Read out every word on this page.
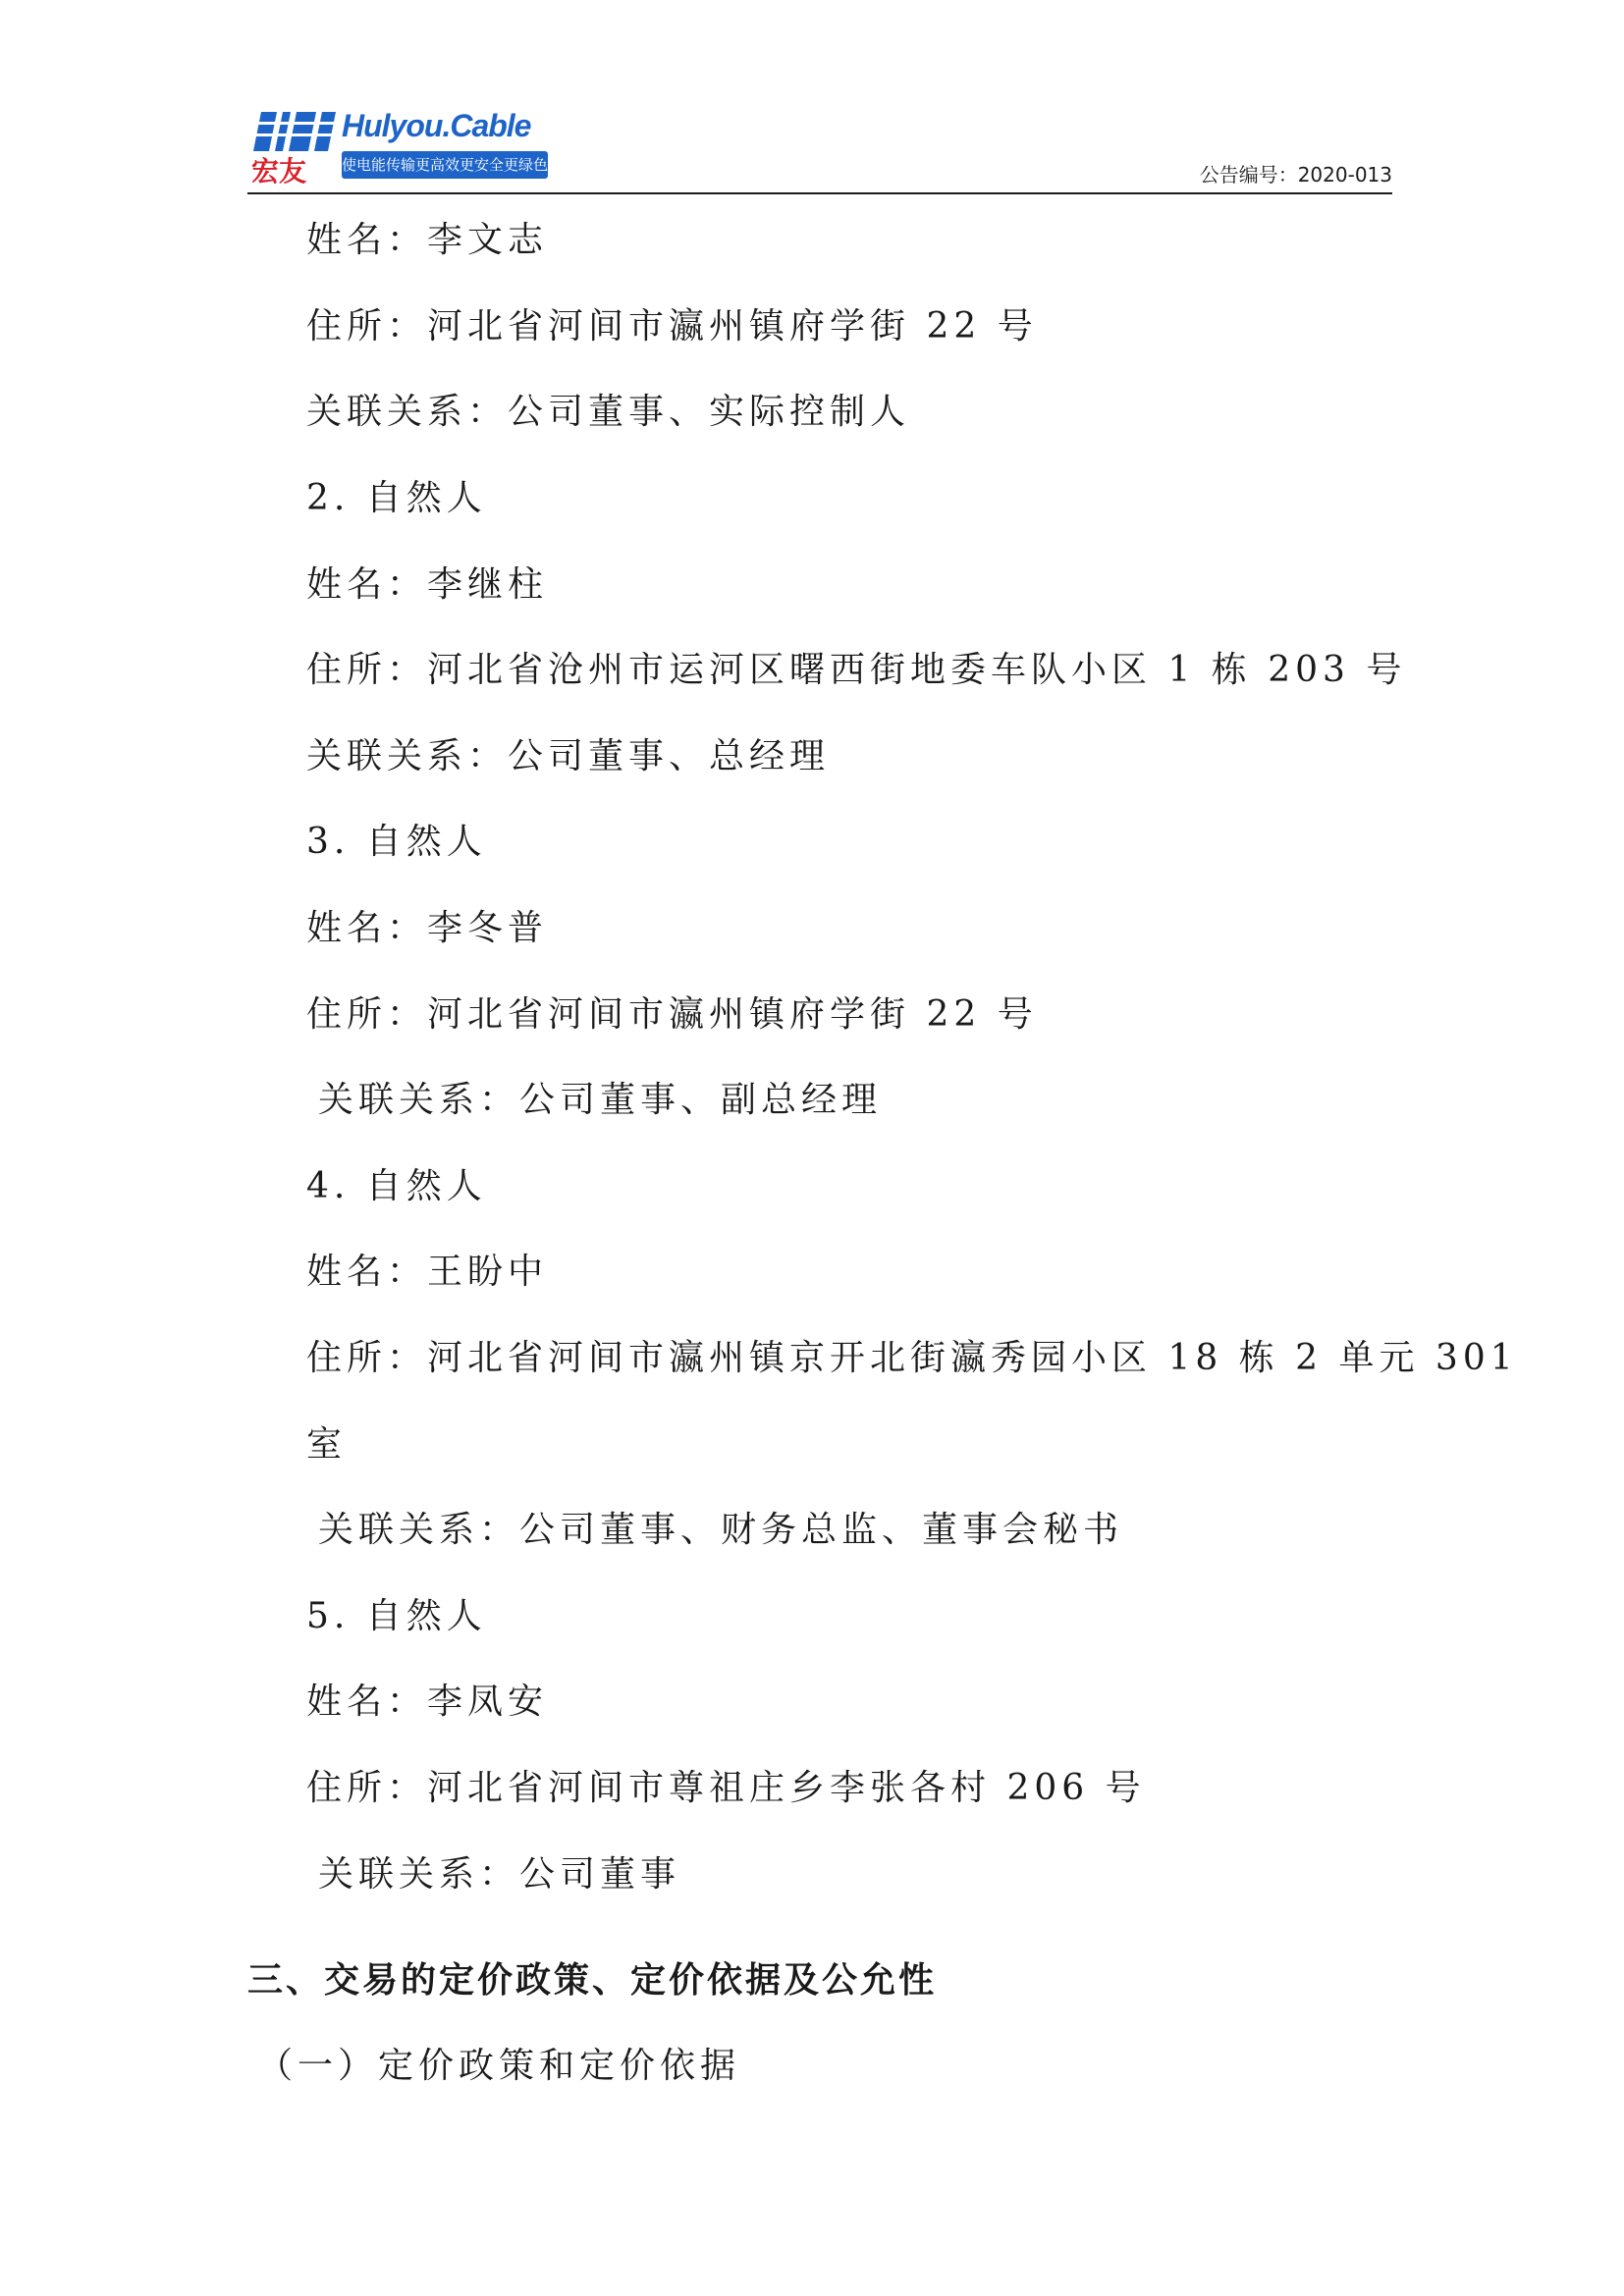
宏友
Hulyou.Cable
使电能传输更高效更安全更绿色	公告编号：2020-013
姓名：李文志
住所：河北省河间市瀛州镇府学街 22 号
关联关系：公司董事、实际控制人
2. 自然人
姓名：李继柱
住所：河北省沧州市运河区曙西街地委车队小区 1 栋 203 号
关联关系：公司董事、总经理
3. 自然人
姓名：李冬普
住所：河北省河间市瀛州镇府学街 22 号
关联关系：公司董事、副总经理
4. 自然人
姓名：王盼中
住所：河北省河间市瀛州镇京开北街瀛秀园小区 18 栋 2 单元 301
室
关联关系：公司董事、财务总监、董事会秘书
5. 自然人
姓名：李凤安
住所：河北省河间市尊祖庄乡李张各村 206 号
关联关系：公司董事
三、交易的定价政策、定价依据及公允性
（一）定价政策和定价依据
